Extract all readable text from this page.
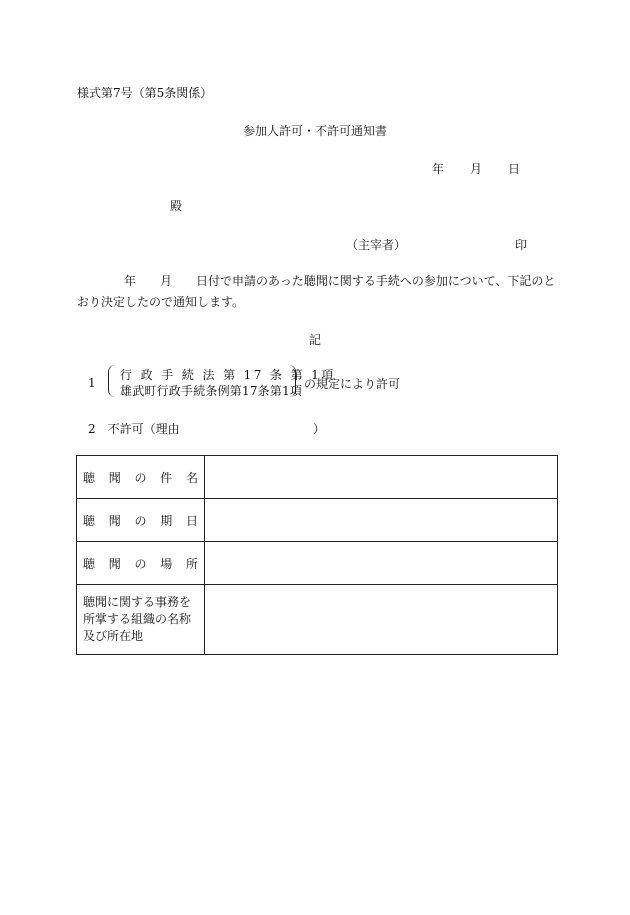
様式第7号（第5条関係）
参加人許可・不許可通知書
年 月 日
殿
（主宰者）	印
年　　月　　日付で申請のあった聴聞に関する手続への参加について、下記のと
おり決定したので通知します。
記
1
行 政 手 続 法 第 17 条 第 1項
雄武町行政手続条例第17条第1項 の規定により許可
2　不許可（理由	）
聴 聞 の 件 名	

聴 聞 の 期 日	

聴 聞 の 場 所	

聴聞に関する事務を
所掌する組織の名称
及び所在地	
